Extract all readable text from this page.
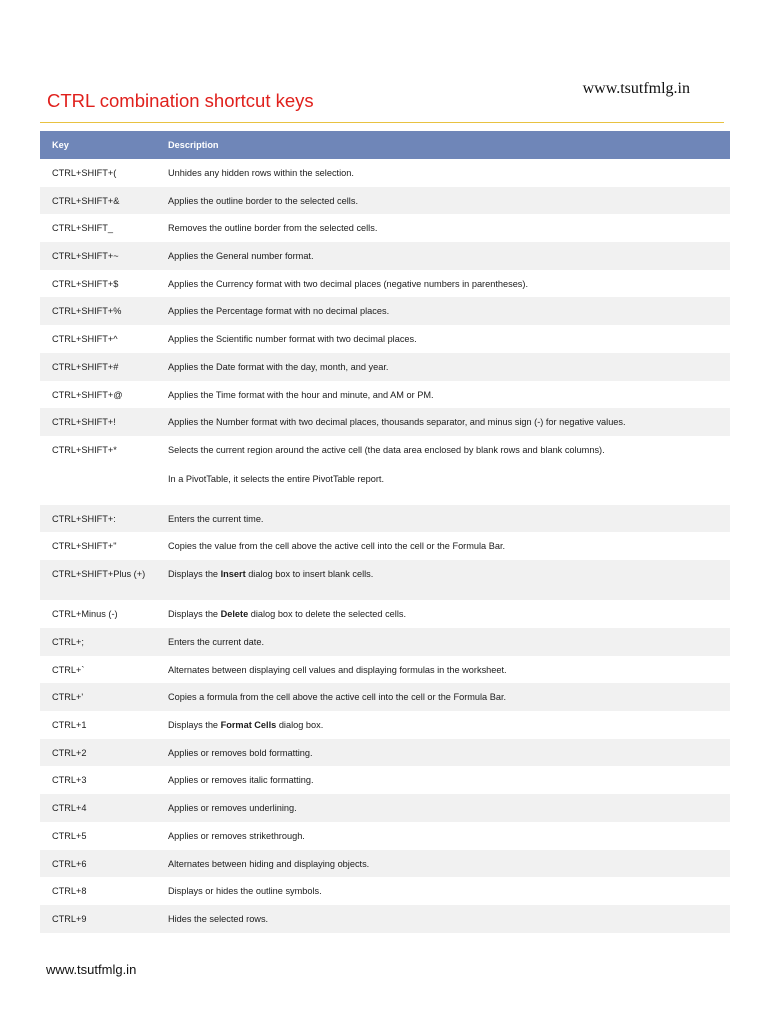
www.tsutfmlg.in
CTRL combination shortcut keys
Key	Description
CTRL+SHIFT+(	Unhides any hidden rows within the selection.
CTRL+SHIFT+&	Applies the outline border to the selected cells.
CTRL+SHIFT_	Removes the outline border from the selected cells.
CTRL+SHIFT+~	Applies the General number format.
CTRL+SHIFT+$	Applies the Currency format with two decimal places (negative numbers in parentheses).
CTRL+SHIFT+%	Applies the Percentage format with no decimal places.
CTRL+SHIFT+^	Applies the Scientific number format with two decimal places.
CTRL+SHIFT+#	Applies the Date format with the day, month, and year.
CTRL+SHIFT+@	Applies the Time format with the hour and minute, and AM or PM.
CTRL+SHIFT+!	Applies the Number format with two decimal places, thousands separator, and minus sign (-) for negative values.
CTRL+SHIFT+*	Selects the current region around the active cell (the data area enclosed by blank rows and blank columns).
In a PivotTable, it selects the entire PivotTable report.
CTRL+SHIFT+:	Enters the current time.
CTRL+SHIFT+"	Copies the value from the cell above the active cell into the cell or the Formula Bar.
CTRL+SHIFT+Plus (+)	Displays the Insert dialog box to insert blank cells.
CTRL+Minus (-)	Displays the Delete dialog box to delete the selected cells.
CTRL+;	Enters the current date.
CTRL+`	Alternates between displaying cell values and displaying formulas in the worksheet.
CTRL+'	Copies a formula from the cell above the active cell into the cell or the Formula Bar.
CTRL+1	Displays the Format Cells dialog box.
CTRL+2	Applies or removes bold formatting.
CTRL+3	Applies or removes italic formatting.
CTRL+4	Applies or removes underlining.
CTRL+5	Applies or removes strikethrough.
CTRL+6	Alternates between hiding and displaying objects.
CTRL+8	Displays or hides the outline symbols.
CTRL+9	Hides the selected rows.
www.tsutfmlg.in
